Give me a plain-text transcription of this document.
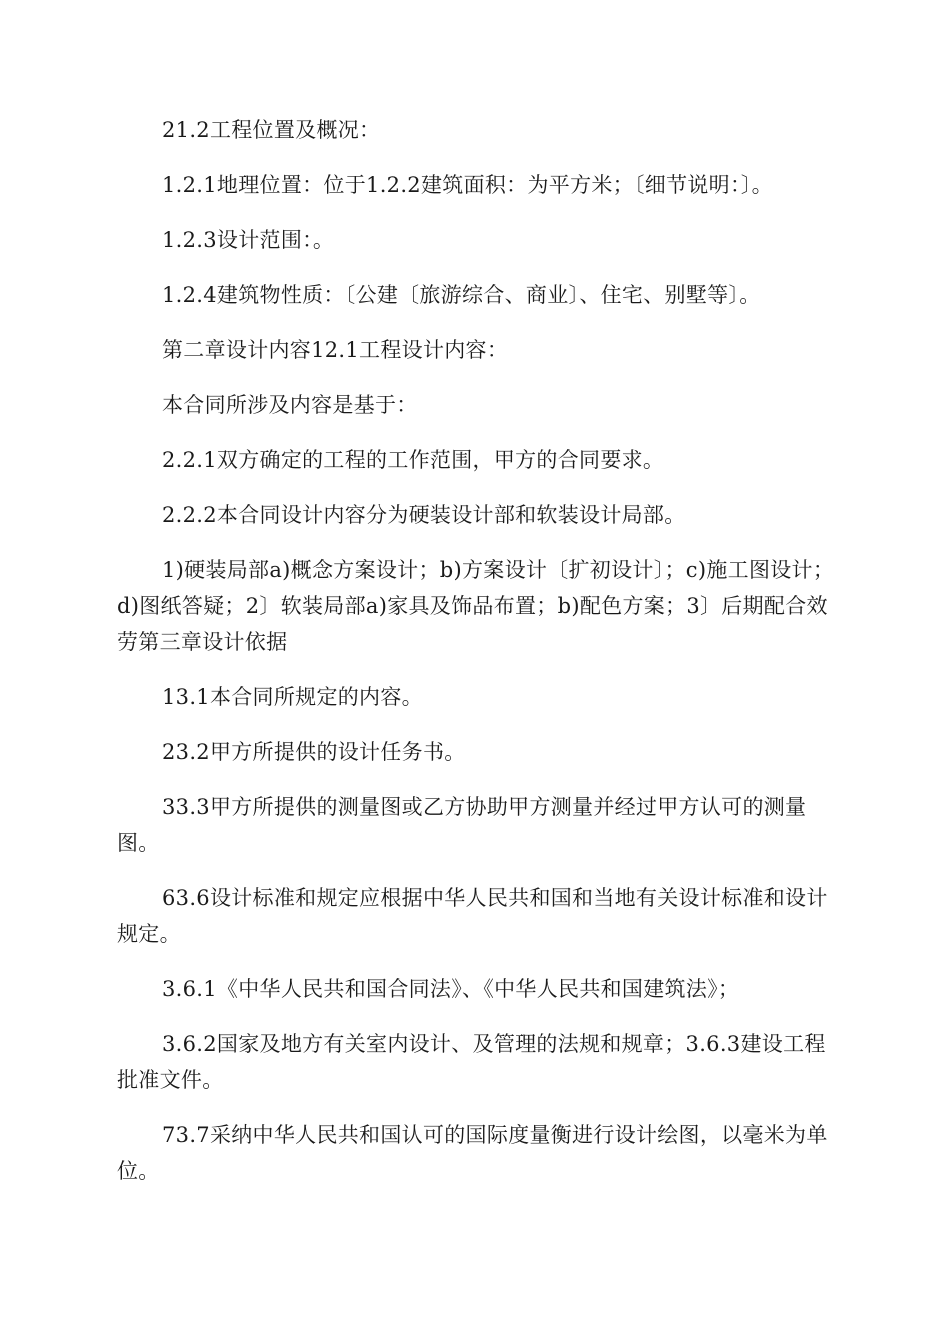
21.2工程位置及概况：

1.2.1地理位置：位于1.2.2建筑面积：为平方米；〔细节说明：〕。

1.2.3设计范围：。

1.2.4建筑物性质：〔公建〔旅游综合、商业〕、住宅、别墅等〕。

第二章设计内容12.1工程设计内容：

本合同所涉及内容是基于：

2.2.1双方确定的工程的工作范围，甲方的合同要求。

2.2.2本合同设计内容分为硬装设计部和软装设计局部。

1)硬装局部a)概念方案设计；b)方案设计〔扩初设计〕；c)施工图设计；d)图纸答疑；2〕软装局部a)家具及饰品布置；b)配色方案；3〕后期配合效劳第三章设计依据

13.1本合同所规定的内容。

23.2甲方所提供的设计任务书。

33.3甲方所提供的测量图或乙方协助甲方测量并经过甲方认可的测量图。

63.6设计标准和规定应根据中华人民共和国和当地有关设计标准和设计规定。

3.6.1《中华人民共和国合同法》、《中华人民共和国建筑法》；

3.6.2国家及地方有关室内设计、及管理的法规和规章；3.6.3建设工程批准文件。

73.7采纳中华人民共和国认可的国际度量衡进行设计绘图，以毫米为单位。
